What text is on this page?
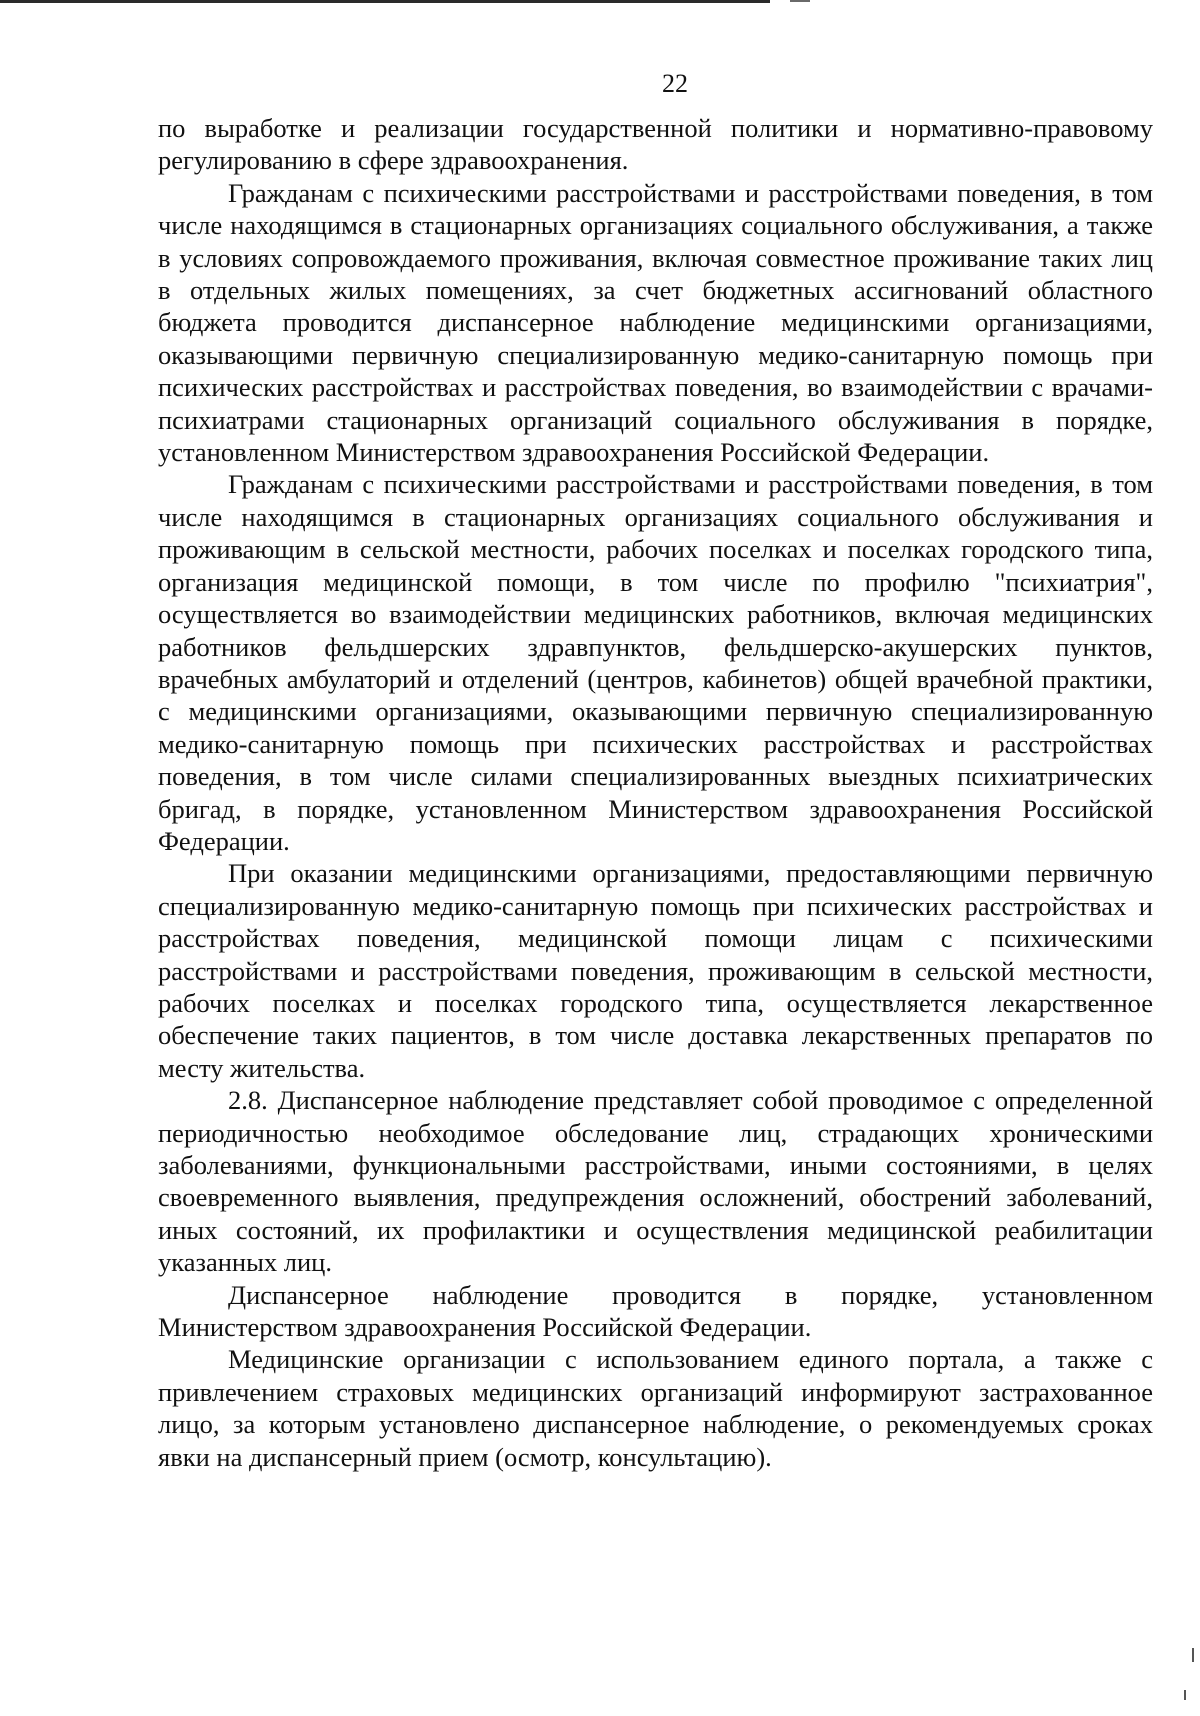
22

по выработке и реализации государственной политики и нормативно-правовому регулированию в сфере здравоохранения.

Гражданам с психическими расстройствами и расстройствами поведения, в том числе находящимся в стационарных организациях социального обслуживания, а также в условиях сопровождаемого проживания, включая совместное проживание таких лиц в отдельных жилых помещениях, за счет бюджетных ассигнований областного бюджета проводится диспансерное наблюдение медицинскими организациями, оказывающими первичную специализированную медико-санитарную помощь при психических расстройствах и расстройствах поведения, во взаимодействии с врачами-психиатрами стационарных организаций социального обслуживания в порядке, установленном Министерством здравоохранения Российской Федерации.

Гражданам с психическими расстройствами и расстройствами поведения, в том числе находящимся в стационарных организациях социального обслуживания и проживающим в сельской местности, рабочих поселках и поселках городского типа, организация медицинской помощи, в том числе по профилю "психиатрия", осуществляется во взаимодействии медицинских работников, включая медицинских работников фельдшерских здравпунктов, фельдшерско-акушерских пунктов, врачебных амбулаторий и отделений (центров, кабинетов) общей врачебной практики, с медицинскими организациями, оказывающими первичную специализированную медико-санитарную помощь при психических расстройствах и расстройствах поведения, в том числе силами специализированных выездных психиатрических бригад, в порядке, установленном Министерством здравоохранения Российской Федерации.

При оказании медицинскими организациями, предоставляющими первичную специализированную медико-санитарную помощь при психических расстройствах и расстройствах поведения, медицинской помощи лицам с психическими расстройствами и расстройствами поведения, проживающим в сельской местности, рабочих поселках и поселках городского типа, осуществляется лекарственное обеспечение таких пациентов, в том числе доставка лекарственных препаратов по месту жительства.

2.8. Диспансерное наблюдение представляет собой проводимое с определенной периодичностью необходимое обследование лиц, страдающих хроническими заболеваниями, функциональными расстройствами, иными состояниями, в целях своевременного выявления, предупреждения осложнений, обострений заболеваний, иных состояний, их профилактики и осуществления медицинской реабилитации указанных лиц.

Диспансерное наблюдение проводится в порядке, установленном Министерством здравоохранения Российской Федерации.

Медицинские организации с использованием единого портала, а также с привлечением страховых медицинских организаций информируют застрахованное лицо, за которым установлено диспансерное наблюдение, о рекомендуемых сроках явки на диспансерный прием (осмотр, консультацию).
